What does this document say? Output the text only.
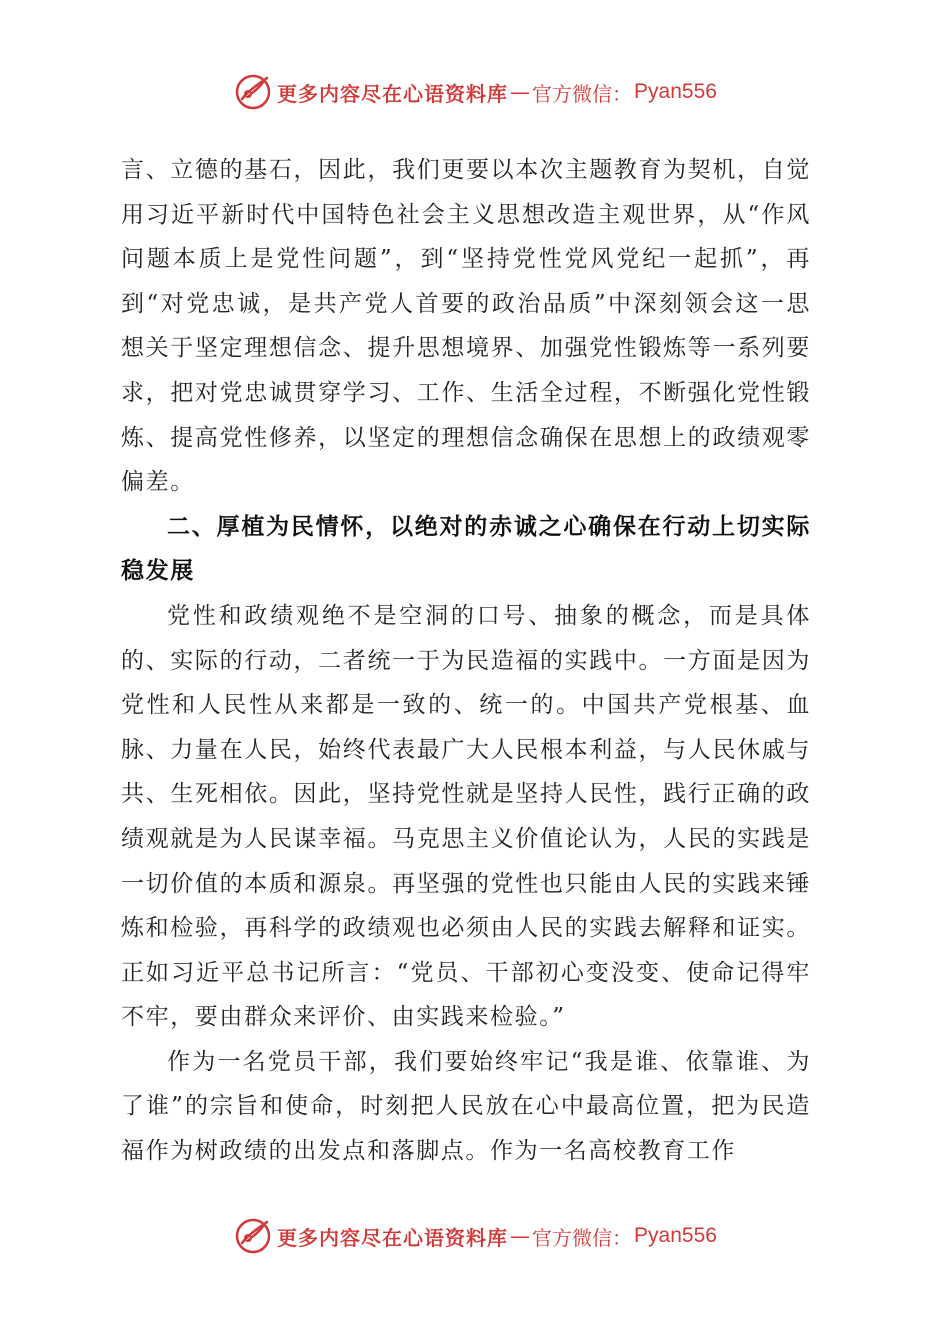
更多内容尽在心语资料库 — 官方微信： Pyan556

言、立德的基石，因此，我们更要以本次主题教育为契机，自觉用习近平新时代中国特色社会主义思想改造主观世界，从“作风问题本质上是党性问题”，到“坚持党性党风党纪一起抓”，再到“对党忠诚，是共产党人首要的政治品质”中深刻领会这一思想关于坚定理想信念、提升思想境界、加强党性锻炼等一系列要求，把对党忠诚贯穿学习、工作、生活全过程，不断强化党性锻炼、提高党性修养，以坚定的理想信念确保在思想上的政绩观零偏差。

二、厚植为民情怀，以绝对的赤诚之心确保在行动上切实际稳发展

党性和政绩观绝不是空洞的口号、抽象的概念，而是具体的、实际的行动，二者统一于为民造福的实践中。一方面是因为党性和人民性从来都是一致的、统一的。中国共产党根基、血脉、力量在人民，始终代表最广大人民根本利益，与人民休戚与共、生死相依。因此，坚持党性就是坚持人民性，践行正确的政绩观就是为人民谋幸福。马克思主义价值论认为，人民的实践是一切价值的本质和源泉。再坚强的党性也只能由人民的实践来锤炼和检验，再科学的政绩观也必须由人民的实践去解释和证实。正如习近平总书记所言：“党员、干部初心变没变、使命记得牢不牢，要由群众来评价、由实践来检验。”

作为一名党员干部，我们要始终牢记“我是谁、依靠谁、为了谁”的宗旨和使命，时刻把人民放在心中最高位置，把为民造福作为树政绩的出发点和落脚点。作为一名高校教育工作

更多内容尽在心语资料库 — 官方微信： Pyan556
